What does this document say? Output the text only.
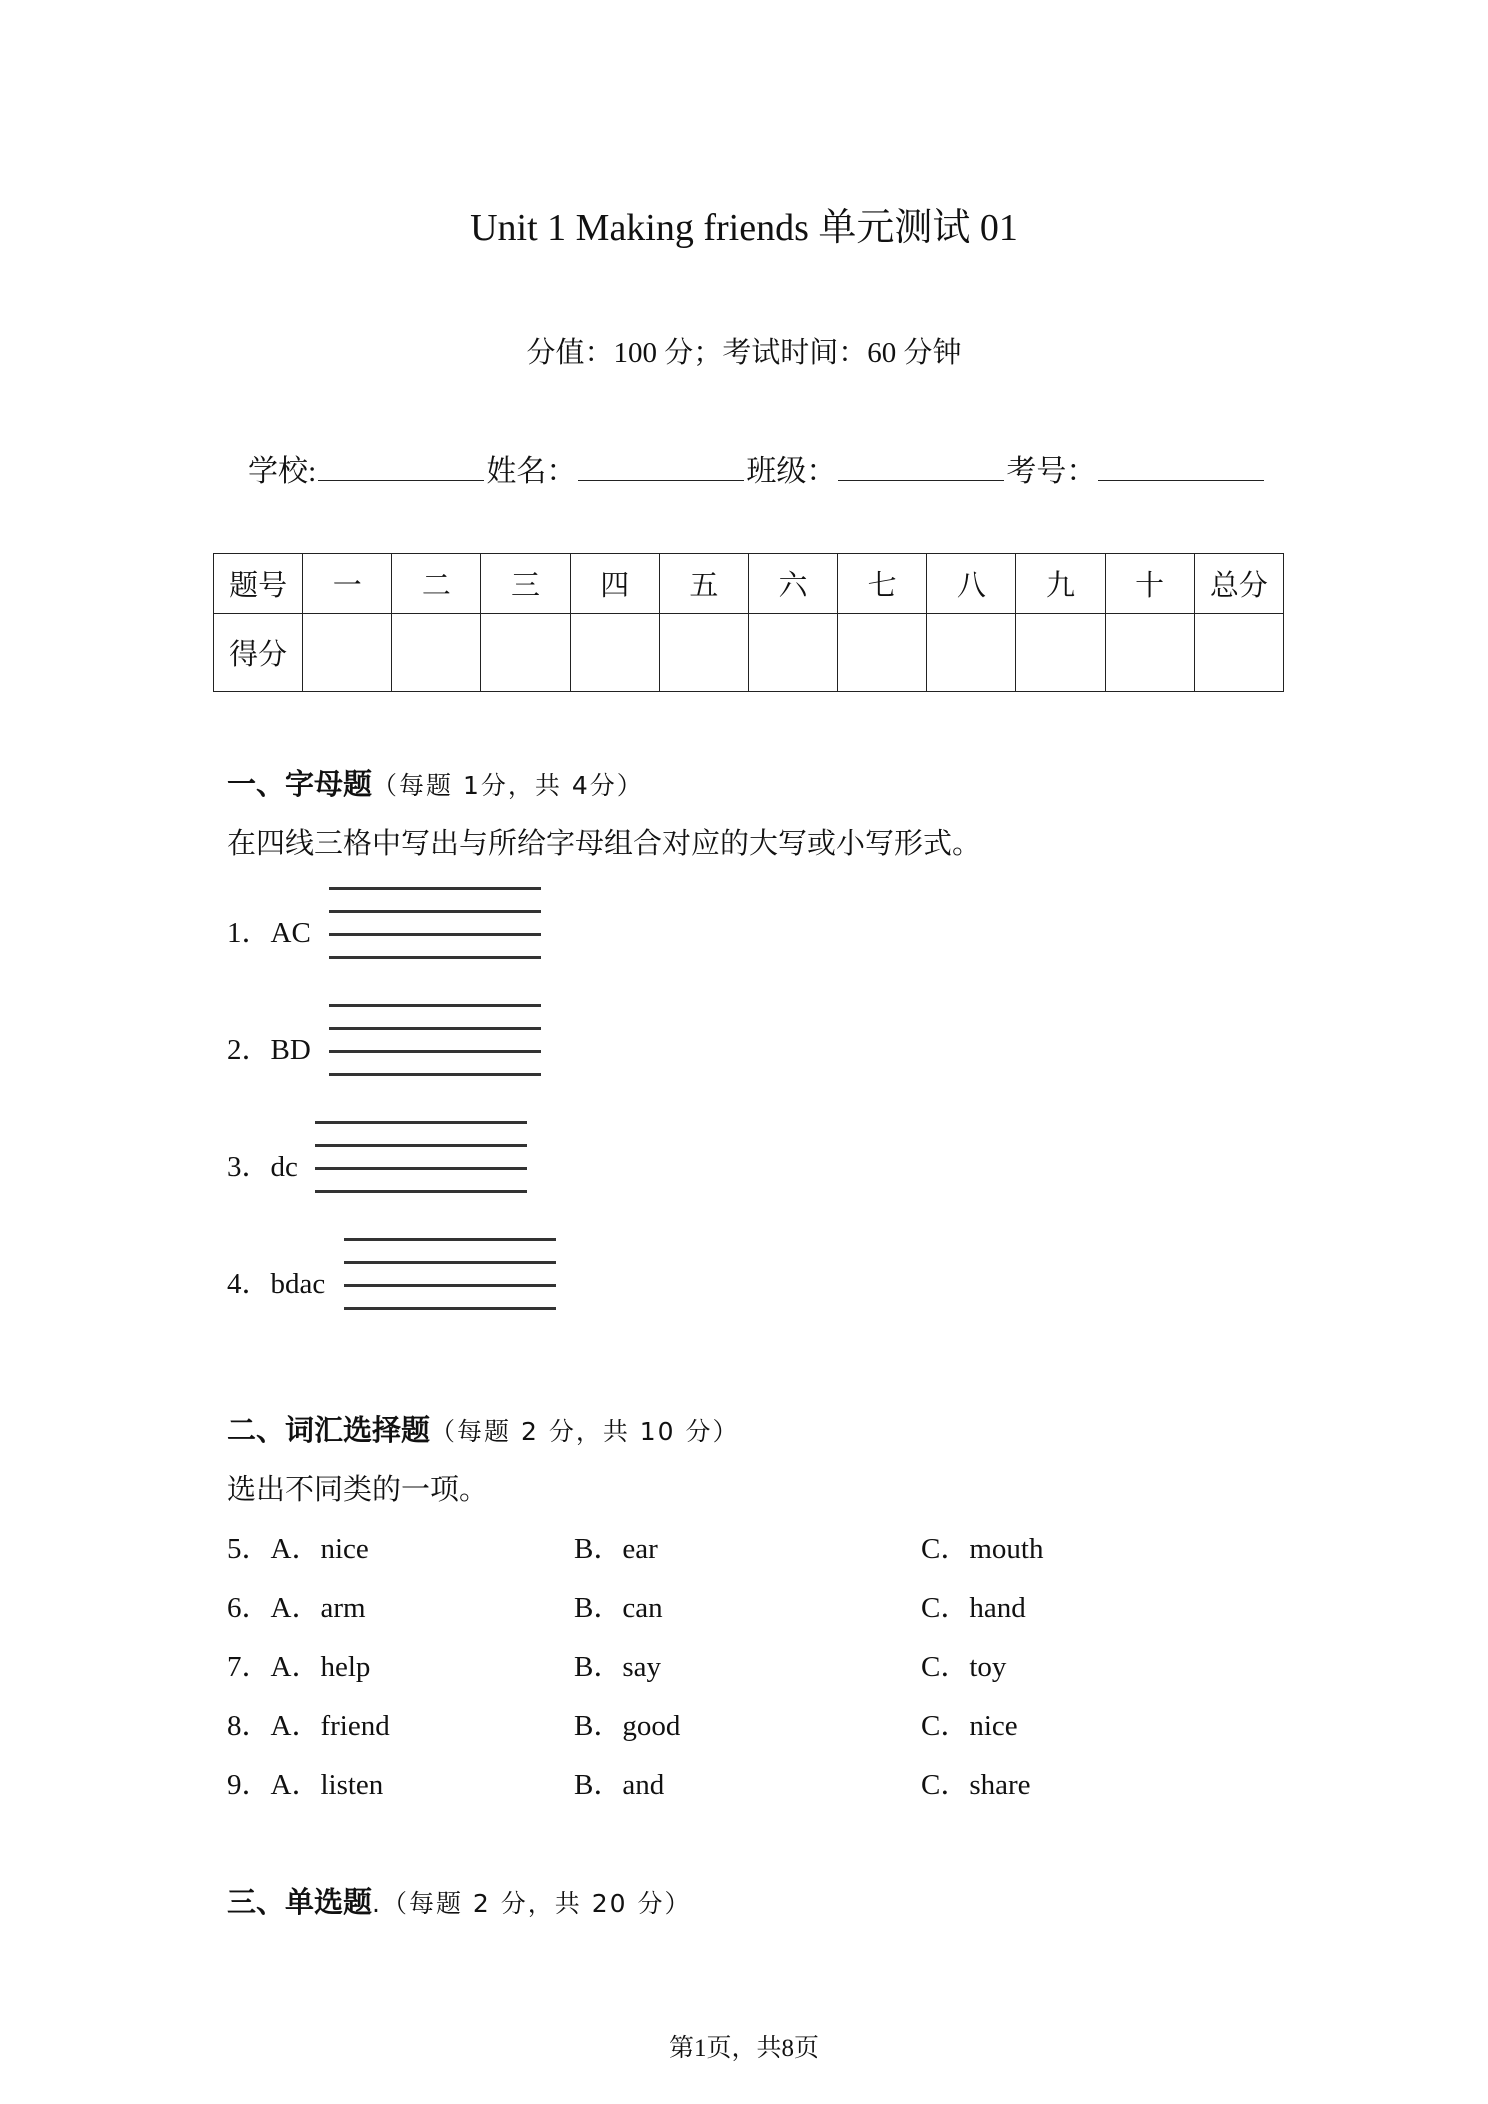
Unit 1 Making friends 单元测试 01
分值：100 分；考试时间：60 分钟
学校:	姓名：	班级：	考号：
题号	一	二	三	四	五	六	七	八	九	十	总分
得分											
一、字母题（每题 1分，共 4分）
在四线三格中写出与所给字母组合对应的大写或小写形式。
1．AC
2．BD
3．dc
4．bdac
二、词汇选择题（每题 2 分，共 10 分）
选出不同类的一项。
5．A．nice	B．ear	C．mouth
6．A．arm	B．can	C．hand
7．A．help	B．say	C．toy
8．A．friend	B．good	C．nice
9．A．listen	B．and	C．share
三、单选题.（每题 2 分，共 20 分）
第1页，共8页
